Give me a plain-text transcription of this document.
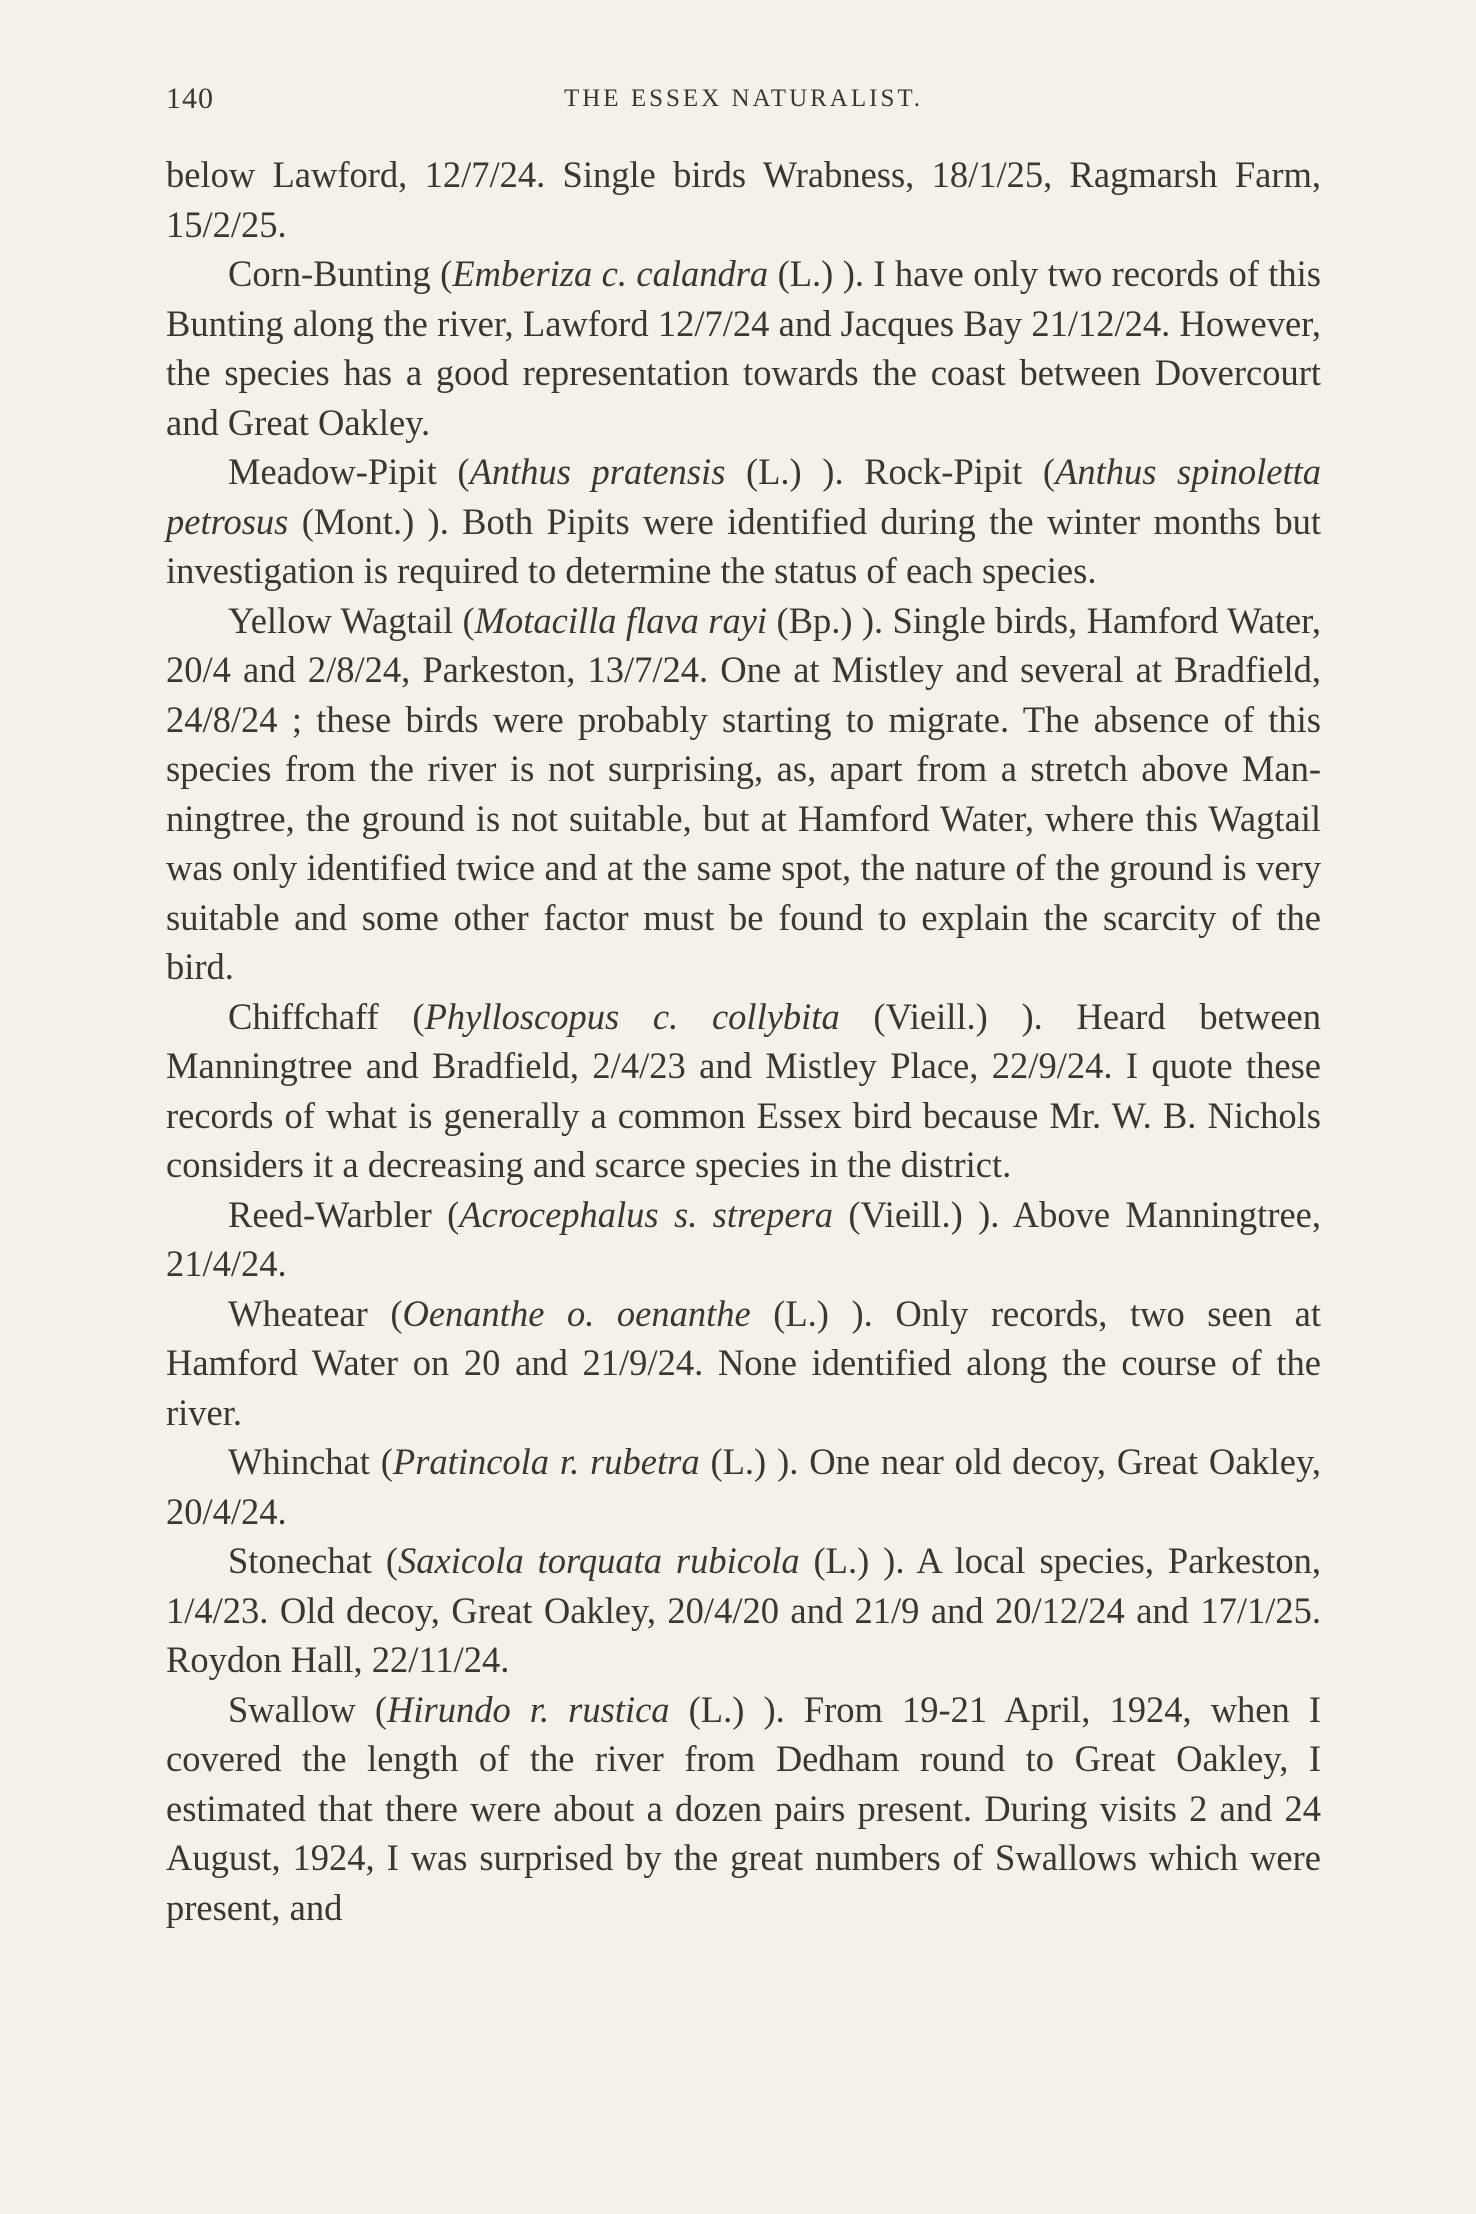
140	THE ESSEX NATURALIST.

below Lawford, 12/7/24. Single birds Wrabness, 18/1/25, Ragmarsh Farm, 15/2/25.

Corn-Bunting (Emberiza c. calandra (L.) ). I have only two records of this Bunting along the river, Lawford 12/7/24 and Jacques Bay 21/12/24. However, the species has a good representation towards the coast between Dovercourt and Great Oakley.

Meadow-Pipit (Anthus pratensis (L.) ). Rock-Pipit (Anthus spinoletta petrosus (Mont.) ). Both Pipits were identified during the winter months but investigation is required to determine the status of each species.

Yellow Wagtail (Motacilla flava rayi (Bp.) ). Single birds, Hamford Water, 20/4 and 2/8/24, Parkeston, 13/7/24. One at Mistley and several at Bradfield, 24/8/24 ; these birds were probably starting to migrate. The absence of this species from the river is not surprising, as, apart from a stretch above Manningtree, the ground is not suitable, but at Hamford Water, where this Wagtail was only identified twice and at the same spot, the nature of the ground is very suitable and some other factor must be found to explain the scarcity of the bird.

Chiffchaff (Phylloscopus c. collybita (Vieill.) ). Heard between Manningtree and Bradfield, 2/4/23 and Mistley Place, 22/9/24. I quote these records of what is generally a common Essex bird because Mr. W. B. Nichols considers it a decreasing and scarce species in the district.

Reed-Warbler (Acrocephalus s. strepera (Vieill.) ). Above Manningtree, 21/4/24.

Wheatear (Oenanthe o. oenanthe (L.) ). Only records, two seen at Hamford Water on 20 and 21/9/24. None identified along the course of the river.

Whinchat (Pratincola r. rubetra (L.) ). One near old decoy, Great Oakley, 20/4/24.

Stonechat (Saxicola torquata rubicola (L.) ). A local species, Parkeston, 1/4/23. Old decoy, Great Oakley, 20/4/20 and 21/9 and 20/12/24 and 17/1/25. Roydon Hall, 22/11/24.

Swallow (Hirundo r. rustica (L.) ). From 19-21 April, 1924, when I covered the length of the river from Dedham round to Great Oakley, I estimated that there were about a dozen pairs present. During visits 2 and 24 August, 1924, I was surprised by the great numbers of Swallows which were present, and
